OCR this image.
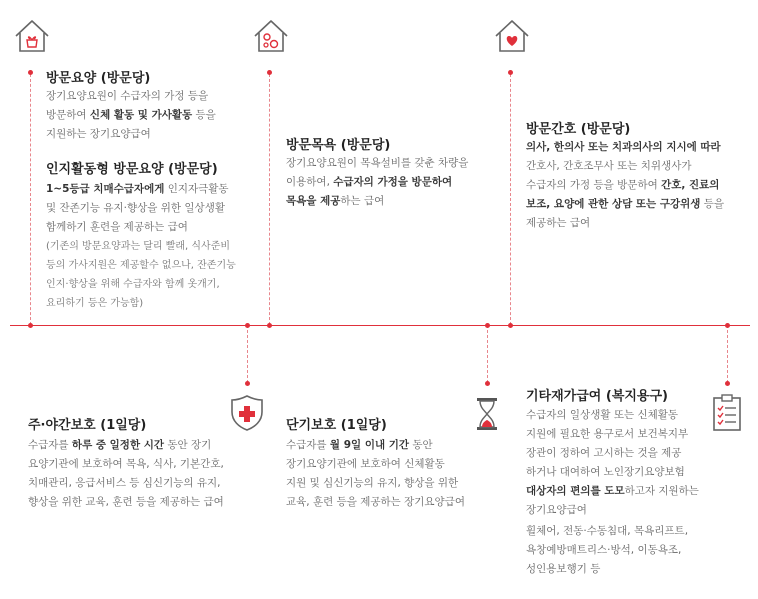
방문요양 (방문당)

장기요양요원이 수급자의 가정 등을

방문하여 신체 활동 및 가사활동 등을

지원하는 장기요양급여

인지활동형 방문요양 (방문당)

1~5등급 치매수급자에게 인지자극활동

및 잔존기능 유지·향상을 위한 일상생활

함께하기 훈련을 제공하는 급여

(기존의 방문요양과는 달리 빨래, 식사준비

등의 가사지원은 제공할수 없으나, 잔존기능

인지·향상을 위해 수급자와 함께 옷개기,

요리하기 등은 가능함)

방문목욕 (방문당)

장기요양요원이 목욕설비를 갖춘 차량을

이용하여, 수급자의 가정을 방문하여

목욕을 제공하는 급여

방문간호 (방문당)

의사, 한의사 또는 치과의사의 지시에 따라

간호사, 간호조무사 또는 치위생사가

수급자의 가정 등을 방문하여 간호, 진료의

보조, 요양에 관한 상담 또는 구강위생 등을

제공하는 급여

주·야간보호 (1일당)

수급자를 하루 중 일정한 시간 동안 장기

요양기관에 보호하여 목욕, 식사, 기본간호,

치매관리, 응급서비스 등 심신기능의 유지,

향상을 위한 교육, 훈련 등을 제공하는 급여

단기보호 (1일당)

수급자를 월 9일 이내 기간 동안

장기요양기관에 보호하여 신체활동

지원 및 심신기능의 유지, 향상을 위한

교육, 훈련 등을 제공하는 장기요양급여

기타재가급여 (복지용구)

수급자의 일상생활 또는 신체활동

지원에 필요한 용구로서 보건복지부

장관이 정하여 고시하는 것을 제공

하거나 대여하여 노인장기요양보험

대상자의 편의를 도모하고자 지원하는

장기요양급여

휠체어, 전동·수동침대, 목욕리프트,

욕창예방매트리스·방석, 이동욕조,

성인용보행기 등
